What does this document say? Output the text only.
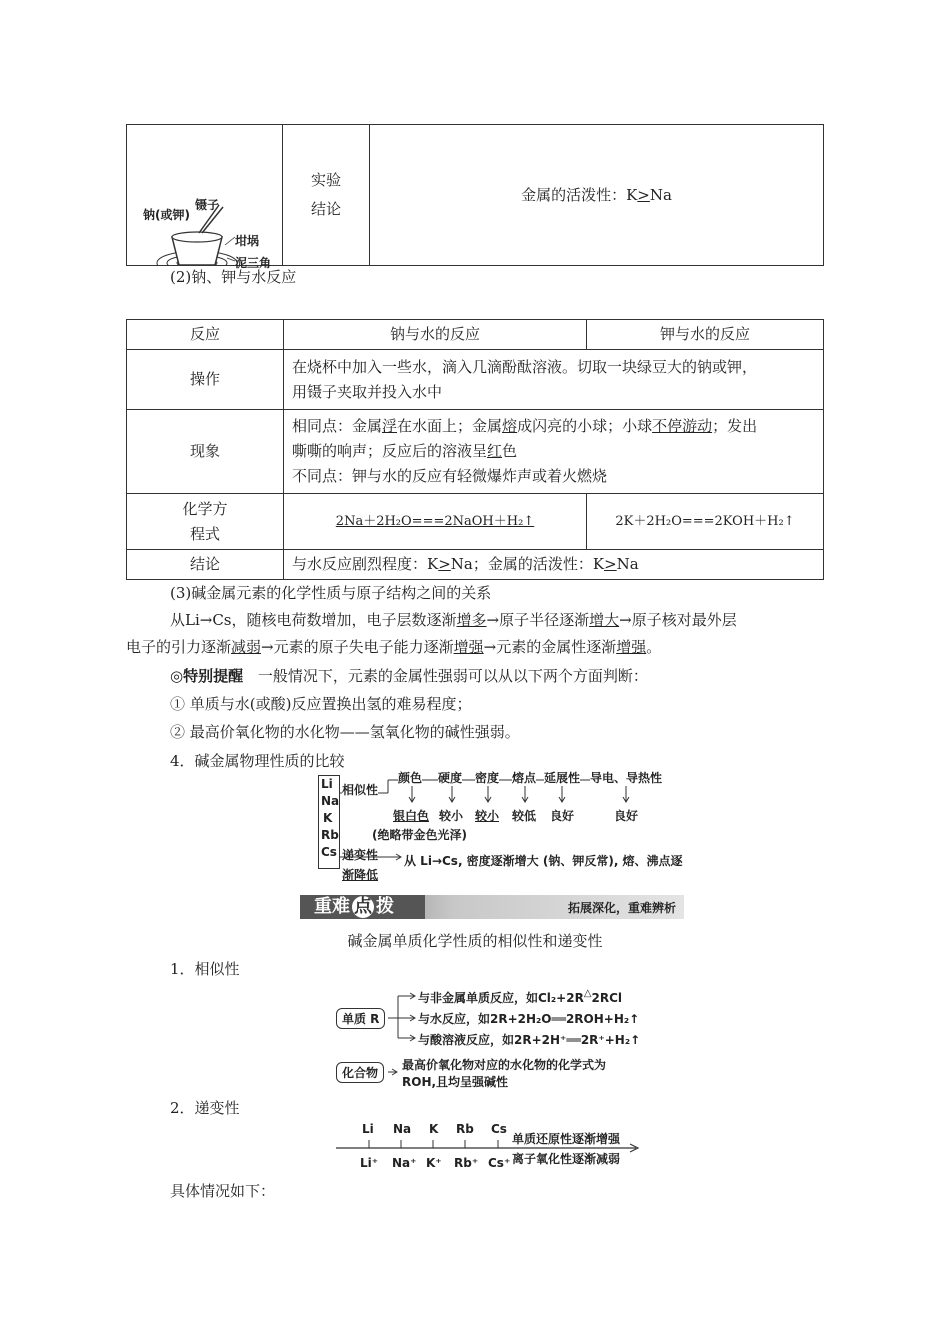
钠(或钾)
镊子
坩埚
泥三角

实验
结论
	金属的活泼性：K>Na
(2)钠、钾与水反应
反应	钠与水的反应	钾与水的反应
操作	在烧杯中加入一些水，滴入几滴酚酞溶液。切取一块绿豆大的钠或钾，
用镊子夹取并投入水中	

现象	相同点：金属浮在水面上；金属熔成闪亮的小球；小球不停游动；发出
嘶嘶的响声；反应后的溶液呈红色
不同点：钾与水的反应有轻微爆炸声或着火燃烧	

化学方
程式	2Na＋2H₂O===2NaOH＋H₂↑	2K＋2H₂O===2KOH＋H₂↑
结论	与水反应剧烈程度：K>Na；金属的活泼性：K>Na	
(3)碱金属元素的化学性质与原子结构之间的关系
从Li→Cs，随核电荷数增加，电子层数逐渐增多→原子半径逐渐增大→原子核对最外层
电子的引力逐渐减弱→元素的原子失电子能力逐渐增强→元素的金属性逐渐增强。
◎特别提醒 一般情况下，元素的金属性强弱可以从以下两个方面判断：
① 单质与水(或酸)反应置换出氢的难易程度；
② 最高价氧化物的水化物——氢氧化物的碱性强弱。
4．碱金属物理性质的比较
Li
Na
K
Rb
Cs
相似性
颜色 硬度 密度 熔点 延展性 导电、导热性
银白色 较小 较小 较低 良好	良好
(绝略带金色光泽)
递变性 从 Li→Cs, 密度逐渐增大 (钠、钾反常), 熔、沸点逐
渐降低
重难 点 拨	拓展深化，重难辨析
碱金属单质化学性质的相似性和递变性
1．相似性
单质 R
与非金属单质反应，如Cl₂+2R△2RCl
与水反应，如2R+2H₂O══2ROH+H₂↑
与酸溶液反应，如2R+2H⁺══2R⁺+H₂↑
化合物
最高价氧化物对应的水化物的化学式为
ROH,且均呈强碱性
2．递变性
Li Na K Rb Cs
Li⁺ Na⁺ K⁺ Rb⁺ Cs⁺
单质还原性逐渐增强
离子氧化性逐渐减弱
具体情况如下：
